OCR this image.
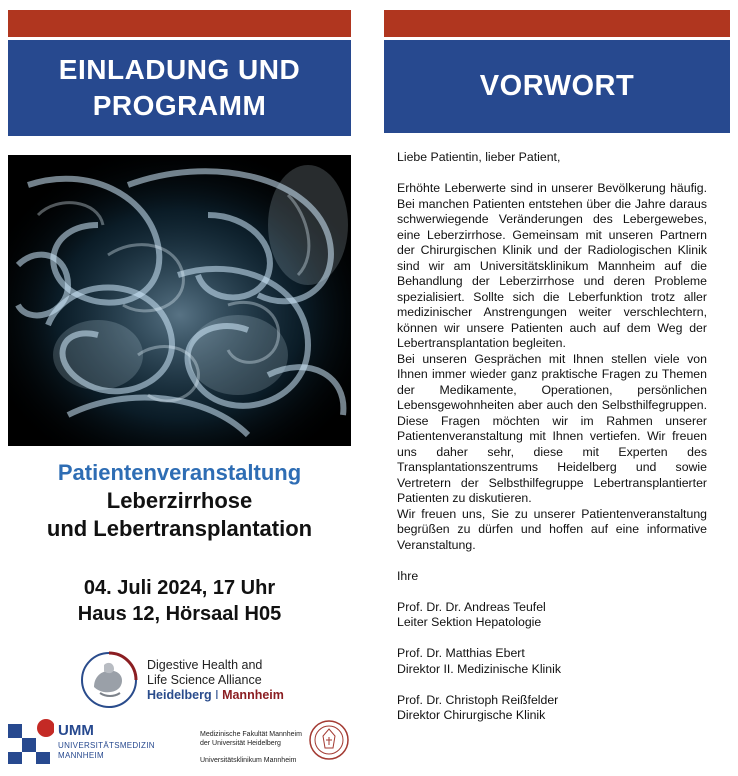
EINLADUNG UND
PROGRAMM
Patientenveranstaltung
Leberzirrhose
und Lebertransplantation
04. Juli 2024, 17 Uhr
Haus 12, Hörsaal H05
Digestive Health and
Life Science Alliance
Heidelberg I Mannheim
UMM
UNIVERSITÄTSMEDIZIN
MANNHEIM
Medizinische Fakultät Mannheim
der Universität Heidelberg
Universitätsklinikum Mannheim
VORWORT

Liebe Patientin, lieber Patient,

Erhöhte Leberwerte sind in unserer Bevölkerung häufig. Bei manchen Patienten entstehen über die Jahre daraus schwerwiegende Veränderungen des Lebergewebes, eine Leberzirrhose. Gemeinsam mit unseren Partnern der Chirurgischen Klinik und der Radiologischen Klinik sind wir am Universitätsklinikum Mannheim auf die Behandlung der Leberzirrhose und deren Probleme spezialisiert. Sollte sich die Leberfunktion trotz aller medizinischer Anstrengungen weiter verschlechtern, können wir unsere Patienten auch auf dem Weg der Lebertransplantation begleiten.

Bei unseren Gesprächen mit Ihnen stellen viele von Ihnen immer wieder ganz praktische Fragen zu Themen der Medikamente, Operationen, persönlichen Lebensgewohnheiten aber auch den Selbsthilfegruppen. Diese Fragen möchten wir im Rahmen unserer Patientenveranstaltung mit Ihnen vertiefen. Wir freuen uns daher sehr, diese mit Experten des Transplantationszentrums Heidelberg und sowie Vertretern der Selbsthilfegruppe Lebertransplantierter Patienten zu diskutieren.

Wir freuen uns, Sie zu unserer Patientenveranstaltung begrüßen zu dürfen und hoffen auf eine informative Veranstaltung.

Ihre

Prof. Dr. Dr. Andreas Teufel

Leiter Sektion Hepatologie

Prof. Dr. Matthias Ebert

Direktor II. Medizinische Klinik

Prof. Dr. Christoph Reißfelder

Direktor Chirurgische Klinik
